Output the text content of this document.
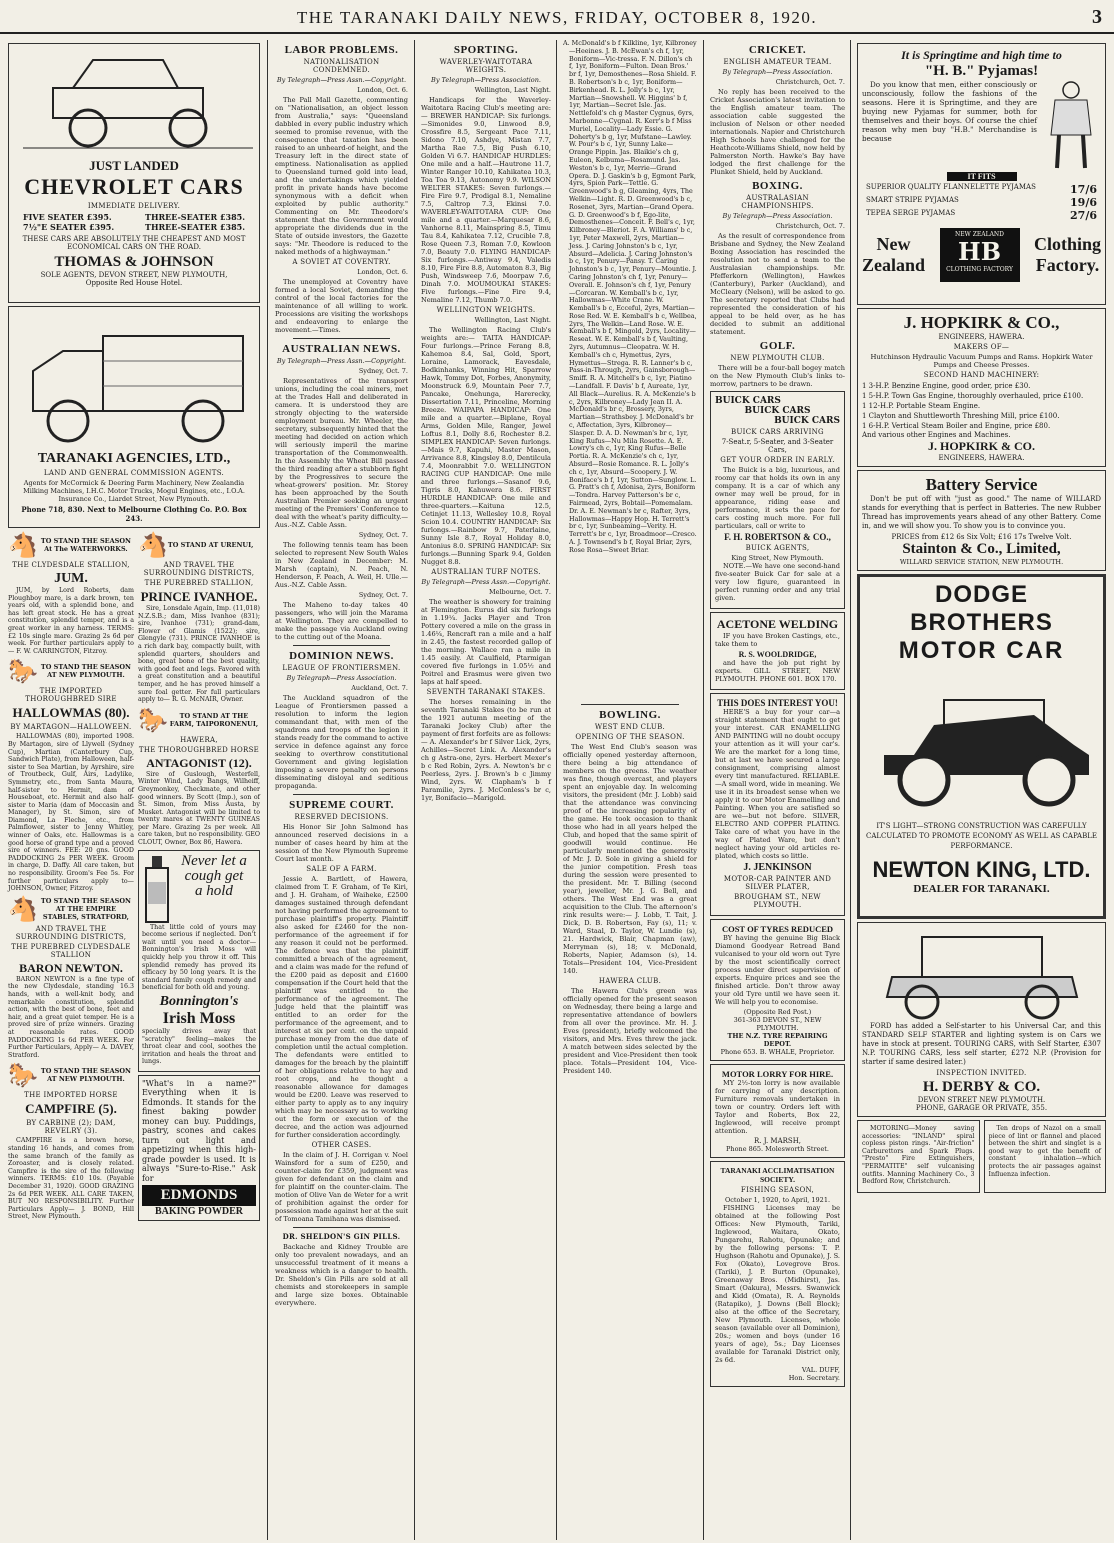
THE TARANAKI DAILY NEWS, FRIDAY, OCTOBER 8, 1920.	3
JUST LANDED
CHEVROLET CARS
IMMEDIATE DELIVERY.
FIVE SEATER £395.	THREE-SEATER £385.
7½"E SEATER £395.	THREE-SEATER £385.
THESE CARS ARE ABSOLUTELY THE CHEAPEST AND MOST ECONOMICAL CARS ON THE ROAD.
THOMAS & JOHNSON
SOLE AGENTS, DEVON STREET, NEW PLYMOUTH,
Opposite Red House Hotel.
TARANAKI AGENCIES, LTD.,
LAND AND GENERAL COMMISSION AGENTS.
Agents for McCormick & Deering Farm Machinery, New Zealandia Milking Machines, I.H.C. Motor Trucks, Mogul Engines, etc., I.O.A. Insurance Co., Liardet Street, New Plymouth.
Phone 718, 830. Next to Melbourne Clothing Co. P.O. Box 243.
🐴 TO STAND THE SEASON At The WATERWORKS.
THE CLYDESDALE STALLION,
JUM.

JUM, by Lord Roberts, dam Ploughboy mare, is a dark brown, ten years old, with a splendid bone, and has left great stock. He has a great constitution, splendid temper, and is a great worker in any harness. TERMS: £2 10s single mare. Grazing 2s 6d per week. For further particulars apply to— F. W. CARRINGTON, Fitzroy.

🐎 TO STAND THE SEASON AT NEW PLYMOUTH.
THE IMPORTED THOROUGHBRED SIRE
HALLOWMAS (80).
BY MARTAGON—HALLOWEEN.

HALLOWMAS (80), imported 1908. By Martagon, sire of Llywell (Sydney Cup), Martian (Canterbury Cup, Sandwich Plate), from Halloween, half-sister to Sea Martian, by Ayrshire, sire of Troutbeck, Gulf, Airs, Ladylike, Symmetry, etc., from Santa Maura, half-sister to Hermit, dam of Houseboat, etc. Hermit and also half-sister to Maria (dam of Moccasin and Manager), by St. Simon, sire of Diamond, La Fleche, etc., from Palmflower, sister to Jenny Whitley, winner of Oaks, etc. Hallowmas is a good horse of grand type and a proved sire of winners. FEE: 20 gns. GOOD PADDOCKING 2s PER WEEK. Groom in charge, D. Daffy. All care taken, but no responsibility. Groom's Fee 5s. For further particulars apply to— JOHNSON, Owner, Fitzroy.

🐴 TO STAND THE SEASON AT THE EMPIRE STABLES, STRATFORD,
AND TRAVEL THE SURROUNDING DISTRICTS,
THE PUREBRED CLYDESDALE STALLION
BARON NEWTON.

BARON NEWTON is a fine type of the new Clydesdale, standing 16.3 hands, with a well-knit body, and remarkable constitution, splendid action, with the best of bone, feet and hair, and a great quiet temper. He is a proved sire of prize winners. Grazing at reasonable rates. GOOD PADDOCKING 1s 6d PER WEEK. For Further Particulars, Apply— A. DAVEY, Stratford.

🐎 TO STAND THE SEASON AT NEW PLYMOUTH.
THE IMPORTED HORSE
CAMPFIRE (5).
BY CARBINE (2); DAM, REVELRY (3).

CAMPFIRE is a brown horse, standing 16 hands, and comes from the same branch of the family as Zoroaster, and is closely related. Campfire is the sire of the following winners. TERMS: £10 10s. (Payable December 31, 1920). GOOD GRAZING 2s 6d PER WEEK. ALL CARE TAKEN, BUT NO RESPONSIBILITY. Further Particulars Apply— J. BOND, Hill Street, New Plymouth.

🐴 TO STAND AT URENUI,
AND TRAVEL THE SURROUNDING DISTRICTS,
THE PUREBRED STALLION,
PRINCE IVANHOE.

Sire, Lonsdale Again, Imp. (11,018) N.Z.S.B.; dam, Miss Ivanhoe (831); sire, Ivanhoe (731); grand-dam, Flower of Glamis (1522); sire, Glengyle (731). PRINCE IVANHOE is a rich dark bay, compactly built, with splendid quarters, shoulders and bone, great bone of the best quality, with good feet and legs. Favored with a great constitution and a beautiful temper, and he has proved himself a sure foal getter. For full particulars apply to— R. G. McNAIR, Owner.

🐎	TO STAND AT THE FARM, TAIPORONENUI,
HAWERA,
THE THOROUGHBRED HORSE
ANTAGONIST (12).

Sire of Guslough, Westerfell, Winter Wind, Lady Bangs, Wilheiff, Greymonkey, Checkmate, and other good winners. By Scott (Imp.), son of St. Simon, from Miss Austa, by Musket. Antagonist will be limited to twenty mares at TWENTY GUINEAS per Mare. Grazing 2s per week. All care taken, but no responsibility. GEO CLOUT, Owner, Box 86, Hawera.

Never let a
cough get
a hold

That little cold of yours may become serious if neglected. Don't wait until you need a doctor—Bonnington's Irish Moss will quickly help you throw it off. This splendid remedy has proved its efficacy by 50 long years. It is the standard family cough remedy and beneficial for both old and young.

Bonnington's
Irish Moss

specially drives away that "scratchy" feeling—makes the throat clear and cool, soothes the irritation and heals the throat and lungs.

"What's in a name?" Everything when it is Edmonds. It stands for the finest baking powder money can buy. Puddings, pastry, scones and cakes turn out light and appetizing when this high-grade powder is used. It is always "Sure-to-Rise." Ask for

EDMONDS
BAKING POWDER
LABOR PROBLEMS.
NATIONALISATION CONDEMNED.
By Telegraph—Press Assn.—Copyright.
London, Oct. 6.

The Pall Mall Gazette, commenting on "Nationalisation, an object lesson from Australia," says: "Queensland dabbled in every public industry which seemed to promise revenue, with the consequence that taxation has been raised to an unheard-of height, and the Treasury left in the direct state of emptiness. Nationalisation as applied to Queensland turned gold into lead, and the undertakings which yielded profit in private hands have become synonymous with a deficit when exploited by public authority." Commenting on Mr. Theodore's statement that the Government would appropriate the dividends due in the State of outside investors, the Gazette says: "Mr. Theodore is reduced to the naked methods of a highwayman."

A SOVIET AT COVENTRY.
London, Oct. 6.

The unemployed at Coventry have formed a local Soviet, demanding the control of the local factories for the maintenance of all willing to work. Processions are visiting the workshops and endeavoring to enlarge the movement.—Times.

AUSTRALIAN NEWS.
By Telegraph—Press Assn.—Copyright.
Sydney, Oct. 7.

Representatives of the transport unions, including the coal miners, met at the Trades Hall and deliberated in camera. It is understood they are strongly objecting to the waterside employment bureau. Mr. Wheeler, the secretary, subsequently hinted that the meeting had decided on action which will seriously imperil the marine transportation of the Commonwealth. In the Assembly the Wheat Bill passed the third reading after a stubborn fight by the Progressives to secure the wheat-growers' position. Mr. Storey has been approached by the South Australian Premier seeking an urgent meeting of the Premiers' Conference to deal with the wheat's parity difficulty.—Aus.-N.Z. Cable Assn.

Sydney, Oct. 7.

The following tennis team has been selected to represent New South Wales in New Zealand in December: M. Marsh (captain), N. Peach, N. Henderson, F. Peach, A. Weil, H. Ulle.—Aus.-N.Z. Cable Assn.

Sydney, Oct. 7.

The Maheno to-day takes 40 passengers, who will join the Marama at Wellington. They are compelled to make the passage via Auckland owing to the cutting out of the Moana.

DOMINION NEWS.
LEAGUE OF FRONTIERSMEN.
By Telegraph—Press Association.
Auckland, Oct. 7.

The Auckland squadron of the League of Frontiersmen passed a resolution to inform the legion commandant that, with men of the squadrons and troops of the legion it stands ready for the command to active service in defence against any force seeking to overthrow constitutional Government and giving legislation imposing a severe penalty on persons disseminating disloyal and seditious propaganda.

SUPREME COURT.
RESERVED DECISIONS.

His Honor Sir John Salmond has announced reserved decisions in a number of cases heard by him at the session of the New Plymouth Supreme Court last month.

SALE OF A FARM.

Jessie A. Bartlett, of Hawera, claimed from T. F. Graham, of Te Kiri, and J. H. Graham, of Waiheke, £2500 damages sustained through defendant not having performed the agreement to purchase plaintiff's property. Plaintiff also asked for £2460 for the non-performance of the agreement if for any reason it could not be performed. The defence was that the plaintiff committed a breach of the agreement, and a claim was made for the refund of the £200 paid as deposit and £1600 compensation if the Court held that the plaintiff was entitled to the performance of the agreement. The Judge held that the plaintiff was entitled to an order for the performance of the agreement, and to interest at six per cent. on the unpaid purchase money from the due date of completion until the actual completion. The defendants were entitled to damages for the breach by the plaintiff of her obligations relative to hay and root crops, and he thought a reasonable allowance for damages would be £200. Leave was reserved to either party to apply as to any inquiry which may be necessary as to working out the form or execution of the decree, and the action was adjourned for further consideration accordingly.

OTHER CASES.

In the claim of J. H. Corrigan v. Noel Wainsford for a sum of £250, and counter-claim for £359, judgment was given for defendant on the claim and for plaintiff on the counter-claim. The motion of Olive Van de Weter for a writ of prohibition against the order for possession made against her at the suit of Tomoana Tamihana was dismissed.

DR. SHELDON'S GIN PILLS.

Backache and Kidney Trouble are only too prevalent nowadays, and an unsuccessful treatment of it means a weakness which is a danger to health. Dr. Sheldon's Gin Pills are sold at all chemists and storekeepers in sample and large size boxes. Obtainable everywhere.

SPORTING.
WAVERLEY-WAITOTARA WEIGHTS.
By Telegraph—Press Association.
Wellington, Last Night.

Handicaps for the Waverley-Waitotara Racing Club's meeting are:— BREWER HANDICAP: Six furlongs.—Simonides 9.0, Linwood 8.9, Crossfire 8.5, Sergeant Pace 7.11, Sidono 7.10, Ashdye, Mistan 7.7, Martha Rae 7.5, Big Push 6.10, Golden Vi 6.7. HANDICAP HURDLES: One mile and a half.—Hautrone 11.7, Winter Ranger 10.10, Kahikatea 10.3, Toa Toa 9.13, Autonomy 9.9. WILSON WELTER STAKES: Seven furlongs.—Fire Fire 9.7, Prodigal 8.1, Nemaline 7.5, Caltrop 7.3, Ekinsi 7.0. WAVERLEY-WAITOTARA CUP: One mile and a quarter.—Marquesar 8.6, Vanhorne 8.11, Mainspring 8.5, Timu Tau 8.4, Kahikatea 7.12, Crucible 7.8, Rose Queen 7.3, Roman 7.0, Kowloon 7.0, Beauty 7.0. FLYING HANDICAP: Six furlongs.—Antiway 9.4, Valedis 8.10, Fire Fire 8.8, Automaton 8.3, Big Push, Windsweep 7.6, Moorpaw 7.6, Dinah 7.0. MOUMOUKAI STAKES: Five furlongs.—Fine Fire 9.4, Nemaline 7.12, Thumb 7.0.

WELLINGTON WEIGHTS.
Wellington, Last Night.

The Wellington Racing Club's weights are:— TAITA HANDICAP: Four furlongs.—Prince Ferang 8.8, Kahemoa 8.4, Sal, Gold, Sport, Loraine, Lamorack, Eavesdale, Bodkinhanks, Winning Hit, Sparrow Hawk, Tommy Dot, Forbes, Anonymity, Moonstruck 6.9, Mountain Peer 7.7, Pancake, Onehunga, Harerecky, Dissertation 7.11, Princeline, Morning Breeze. WAIPAPA HANDICAP: One mile and a quarter.—Biplane, Royal Arms, Golden Mile, Ranger, Jewel Loftus 8.1, Dolly 8.6, Rochester 8.2. SIMPLEX HANDICAP: Seven furlongs.—Mais 9.7, Kapuhi, Master Mason, Arrivance 8.8, Kingsley 8.0, Dentilcula 7.4, Moonrabbit 7.0. WELLINGTON RACING CUP HANDICAP: One mile and three furlongs.—Sasanof 9.6, Tigris 8.0, Kahuwera 8.6. FIRST HURDLE HANDICAP: One mile and three-quarters.—Kaituna 12.5, Cetinjet 11.13, Wellesley 10.8, Royal Scion 10.4. COUNTRY HANDICAP: Six furlongs.—Rainbow 9.7, Paterlaine, Sunny Isle 8.7, Royal Holiday 8.0, Antonius 8.0. SPRING HANDICAP: Six furlongs.—Bunning Spark 9.4, Golden Nugget 8.8.

AUSTRALIAN TURF NOTES.
By Telegraph—Press Assn.—Copyright.
Melbourne, Oct. 7.

The weather is showery for training at Flemington. Eurus did six furlongs in 1.19¼. Jacks Player and Tron Pottery covered a mile on the grass in 1.46¼, Rencraft ran a mile and a half in 2.45, the fastest recorded gallop of the morning. Wallace ran a mile in 1.45 easily. At Caulfield, Ptarmigan covered five furlongs in 1.05½ and Poitrel and Erasmus were given two laps at half speed.

SEVENTH TARANAKI STAKES.

The horses remaining in the seventh Taranaki Stakes (to be run at the 1921 autumn meeting of the Taranaki Jockey Club) after the payment of first forfeits are as follows:— A. Alexander's br f Silver Lick, 2yrs, Achilles—Secret Link. A. Alexander's ch g Astra-one, 2yrs. Herbert Mexer's b c Red Robin, 2yrs. A. Newton's br c Peerless, 2yrs. J. Brown's b c Jimmy Wind, 2yrs. W. Clapham's b f Paramilie, 2yrs. J. McConless's br c, 1yr, Bonifacio—Marigold.

A. McDonald's b f Kilkline, 1yr, Kilbroney—Heeines. J. B. McEwan's ch f, 1yr, Boniform—Vic-tressa. F. N. Dillon's ch f, 1yr, Boniform—Fulton. Dean Bros.' br f, 1yr, Demosthenes—Rosa Shield. F. B. Robertson's b c, 1yr, Boniform—Birkenhead. R. L. Jolly's b c, 1yr, Martian—Snowshell. W. Higgins' b f, 1yr, Martian—Secret Isle. Jas. Nettlefold's ch g Master Cygnus, 6yrs, Marbonne—Cygnal. R. Kerr's b f Miss Muriel, Locality—Lady Essie. G. Doherty's b g, 1yr, Mufstane—Lawley. W. Pour's b c, 1yr, Sunny Lake—Orange Pippin. Jas. Blaikie's ch g, Euleon, Kelbuma—Rosamund. Jas. Weston's b c, 1yr, Merrie—Grand Opera. D. J. Gaskin's b g, Egmont Park, 4yrs, Spion Park—Tettle. G. Greenwood's b g, Gleaming, 4yrs, The Welkin—Light. R. D. Greenwood's b c, Rosenet, 3yrs, Martian—Grand Opera. G. D. Greenwood's b f, Ego-lite, Demosthenes—Conceit. F. Bell's c, 1yr, Kilbroney—Bleriot. F. A. Williams' b c, 1yr, Peter Maxwell, 2yrs, Martian—Jess. J. Caring Johnston's b c, 1yr, Absurd—Adelicia. J. Caring Johnston's b c, 1yr, Penury—Pansy. T. Caring Johnston's b c, 1yr, Penury—Mountie. J. Caring Johnston's ch f, 1yr, Penury—Overall. E. Johnson's ch f, 1yr, Penury—Corcaran. W. Kemball's b c, 1yr, Hallowmas—White Crane. W. Kemball's b c, Ecceful, 2yrs, Martian—Rose Red. W. E. Kemball's b c, Wellbea, 2yrs, The Welkin—Land Rose. W. E. Kemball's b f, Mingold, 2yrs, Locality—Reseat. W. E. Kemball's b f, Vaulting, 2yrs, Autumnus—Cleopatra. W. H. Kemball's ch c, Hymettus, 2yrs, Hymettus—Strega. R. R. Lanner's b c, Pass-in-Through, 2yrs, Gainsborough—Smiff. R. A. Mitchell's b c, 1yr, Piatino—Landfall. F. Davis' b f, Aureate, 1yr, All Black—Aurelius. R. A. McKenzie's b c, 2yrs, Kilbroney—Lady Jean II. A. McDonald's br c, Brossery, 3yrs, Martian—Strathsbey. J. McDonald's br c, Affectation, 3yrs, Kilbroney—Slasper. D. A. D. Newman's br c, 1yr, King Rufus—Nu Mila Rosette. A. E. Lowry's ch c, 1yr, King Rufus—Belle Portia. R. A. McKenzie's ch c, 1yr, Absurd—Rosie Romance. R. L. Jolly's ch c, 1yr, Absurd—Scoopery. J. W. Boniface's b f, 1yr, Sutton—Sunglow. L. G. Pratt's ch f, Adonisa, 2yrs, Boniform—Tondra. Harvey Patterson's br c, Fairmead, 2yrs, Bobtail—Pomemalam. Dr. A. E. Newman's br c, Rafter, 3yrs, Hallowmas—Happy Hop. H. Terrett's br c, 1yr, Sunbeaming—Verity. H. Terrett's br c, 1yr, Broadmoor—Cresco. A. J. Townsend's b f, Royal Briar, 2yrs, Rose Rosa—Sweet Briar.

BOWLING.
WEST END CLUB.
OPENING OF THE SEASON.

The West End Club's season was officially opened yesterday afternoon, there being a big attendance of members on the greens. The weather was fine, though overcast, and players spent an enjoyable day. In welcoming visitors, the president (Mr. J. Lobb) said that the attendance was convincing proof of the increasing popularity of the game. He took occasion to thank those who had in all years helped the Club, and hoped that the same spirit of goodwill would continue. He particularly mentioned the generosity of Mr. J. D. Sole in giving a shield for the junior competition. Fresh teas during the session were presented to the president. Mr. T. Billing (second year), jeweller, Mr. J. G. Bell, and others. The West End was a great acquisition to the Club. The afternoon's rink results were:— J. Lobb, T. Tait, J. Dick, D. B. Robertson, Fay (s), 11; v. Ward, Staal, D. Taylor, W. Lundie (s), 21. Hardwick, Blair, Chapman (aw), Merryman (s), 18; v. McDonald, Roberts, Napier, Adamson (s), 14. Totals—President 104, Vice-President 140.

HAWERA CLUB.

The Hawera Club's green was officially opened for the present season on Wednesday, there being a large and representative attendance of bowlers from all over the province. Mr. H. J. Eves (president), briefly welcomed the visitors, and Mrs. Eves threw the jack. A match between sides selected by the president and Vice-President then took place. Totals—President 104, Vice-President 140.

CRICKET.
ENGLISH AMATEUR TEAM.
By Telegraph—Press Association.
Christchurch, Oct. 7.

No reply has been received to the Cricket Association's latest invitation to the English amateur team. The association cable suggested the inclusion of Nelson or other needed internationals. Napier and Christchurch High Schools have challenged for the Heathcote-Williams Shield, now held by Palmerston North. Hawke's Bay have lodged the first challenge for the Plunket Shield, held by Auckland.

BOXING.
AUSTRALASIAN CHAMPIONSHIPS.
By Telegraph—Press Association.
Christchurch, Oct. 7.

As the result of correspondence from Brisbane and Sydney, the New Zealand Boxing Association has rescinded the resolution not to send a team to the Australasian championships. Mr. Pfefferkorn (Wellington), Hawkes (Canterbury), Parker (Auckland), and McCleary (Nelson), will be asked to go. The secretary reported that Clubs had represented the consideration of his appeal to be held over, as he has decided to submit an additional statement.

GOLF.
NEW PLYMOUTH CLUB.

There will be a four-ball bogey match on the New Plymouth Club's links to-morrow, partners to be drawn.

BUICK CARS
BUICK CARS
BUICK CARS
BUICK CARS ARRIVING
7-Seat.r, 5-Seater, and 3-Seater Cars,
GET YOUR ORDER IN EARLY.

The Buick is a big, luxurious, and roomy car that holds its own in any company. It is a car of which any owner may well be proud, for in appearance, riding ease and performance, it sets the pace for cars costing much more. For full particulars, call or write to

F. H. ROBERTSON & CO.,
BUICK AGENTS,
King Street, New Plymouth.

NOTE.—We have one second-hand five-seater Buick Car for sale at a very low figure, guaranteed in perfect running order and any trial given.

ACETONE WELDING

IF you have Broken Castings, etc., take them to

R. S. WOOLDRIDGE,

and have the job put right by experts. GILL STREET, NEW PLYMOUTH. PHONE 601. BOX 170.

THIS DOES INTEREST YOU!

HERE'S a buy for your car—a straight statement that ought to get your interest. CAR ENAMELLING AND PAINTING will no doubt occupy your attention as it will your car's. We are the market for a long time, but at last we have secured a large consignment, comprising almost every tint manufactured. RELIABLE.—A small word, wide in meaning. We use it in its broadest sense when we apply it to our Motor Enamelling and Painting. When you are satisfied so are we—but not before. SILVER, ELECTRO AND COPPER PLATING. Take care of what you have in the way of Plated Ware, but don't neglect having your old articles re-plated, which costs so little.

J. JENKINSON
MOTOR-CAR PAINTER AND SILVER PLATER,
BROUGHAM ST., NEW PLYMOUTH.
COST OF TYRES REDUCED

BY having the genuine Big Black Diamond Goodyear Retread Band vulcanised to your old worn out Tyre by the most scientifically correct process under direct supervision of experts. Enquire prices and see the finished article. Don't throw away your old Tyre until we have seen it. We will help you to economise.

(Opposite Red Post.)
361-363 DEVON ST., NEW PLYMOUTH.
THE N.Z. TYRE REPAIRING DEPOT.
Phone 653. B. WHALE, Proprietor.
MOTOR LORRY FOR HIRE.

MY 2½-ton lorry is now available for carrying of any description. Furniture removals undertaken in town or country. Orders left with Taylor and Roberts, Box 22, Inglewood, will receive prompt attention.

R. J. MARSH,
Phone 865. Molesworth Street.
TARANAKI ACCLIMATISATION SOCIETY.
FISHING SEASON,
October 1, 1920, to April, 1921.

FISHING Licenses may be obtained at the following Post Offices: New Plymouth, Tariki, Inglewood, Waitara, Okato, Pungarehu, Rahotu, Opunake; and by the following persons: T. P. Hughson (Rahotu and Opunake), J. S. Fox (Okato), Lovegrove Bros. (Tariki), J. P. Burton (Opunake), Greenaway Bros. (Midhirst), Jas. Smart (Oakura), Messrs. Swanwick and Kidd (Omata), R. A. Reynolds (Ratapiko), J. Downs (Bell Block); also at the office of the Secretary, New Plymouth. Licenses, whole season (available over all Dominion), 20s.; women and boys (under 16 years of age), 5s.; Day Licenses available for Taranaki District only, 2s 6d.

VAL. DUFF,
Hon. Secretary.
It is Springtime and high time to
"H. B." Pyjamas!

Do you know that men, either consciously or unconsciously, follow the fashions of the seasons. Here it is Springtime, and they are buying new Pyjamas for summer, both for themselves and their boys. Of course the chief reason why men buy "H.B." Merchandise is because

IT FITS
SUPERIOR QUALITY FLANNELETTE PYJAMAS	17/6
SMART STRIPE PYJAMAS	19/6
TEPEA SERGE PYJAMAS	27/6
New
Zealand
NEW ZEALAND
HB
CLOTHING FACTORY
Clothing
Factory.
J. HOPKIRK & CO.,
ENGINEERS, HAWERA.
MAKERS OF—
Hutchinson Hydraulic Vacuum Pumps and Rams. Hopkirk Water Pumps and Cheese Presses.
SECOND HAND MACHINERY:
1 3-H.P. Benzine Engine, good order, price £30.
1 5-H.P. Town Gas Engine, thoroughly overhauled, price £100.
1 12-H.P. Portable Steam Engine.
1 Clayton and Shuttleworth Threshing Mill, price £100.
1 6-H.P. Vertical Steam Boiler and Engine, price £80.
And various other Engines and Machines.
J. HOPKIRK & CO.
ENGINEERS, HAWERA.
Battery Service

Don't be put off with "just as good." The name of WILLARD stands for everything that is perfect in Batteries. The new Rubber Thread has improvements years ahead of any other Battery. Come in, and we will show you. To show you is to convince you.

PRICES from £12 6s Six Volt; £16 17s Twelve Volt.
Stainton & Co., Limited,
WILLARD SERVICE STATION, NEW PLYMOUTH.
DODGE BROTHERS
MOTOR CAR
IT'S LIGHT—STRONG CONSTRUCTION WAS CAREFULLY CALCULATED TO PROMOTE ECONOMY AS WELL AS CAPABLE PERFORMANCE.
NEWTON KING, LTD.
DEALER FOR TARANAKI.

FORD has added a Self-starter to his Universal Car, and this STANDARD SELF STARTER and lighting system is on Cars we have in stock at present. TOURING CARS, with Self Starter, £307 N.P. TOURING CARS, less self starter, £272 N.P. (Provision for starter if same desired later.)

INSPECTION INVITED.
H. DERBY & CO.
DEVON STREET NEW PLYMOUTH.
PHONE, GARAGE OR PRIVATE, 355.

MOTORING—Money saving accessories: "INLAND" spiral copless piston rings. "Air-friction" Carburettors and Spark Plugs. "Presto" Fire Extinguishers, "PERMATITE" self vulcanising outfits. Manning Machinery Co., 3 Bedford Row, Christchurch.

Ten drops of Nazol on a small piece of lint or flannel and placed between the shirt and singlet is a good way to get the benefit of constant inhalation—which protects the air passages against Influenza infection.
